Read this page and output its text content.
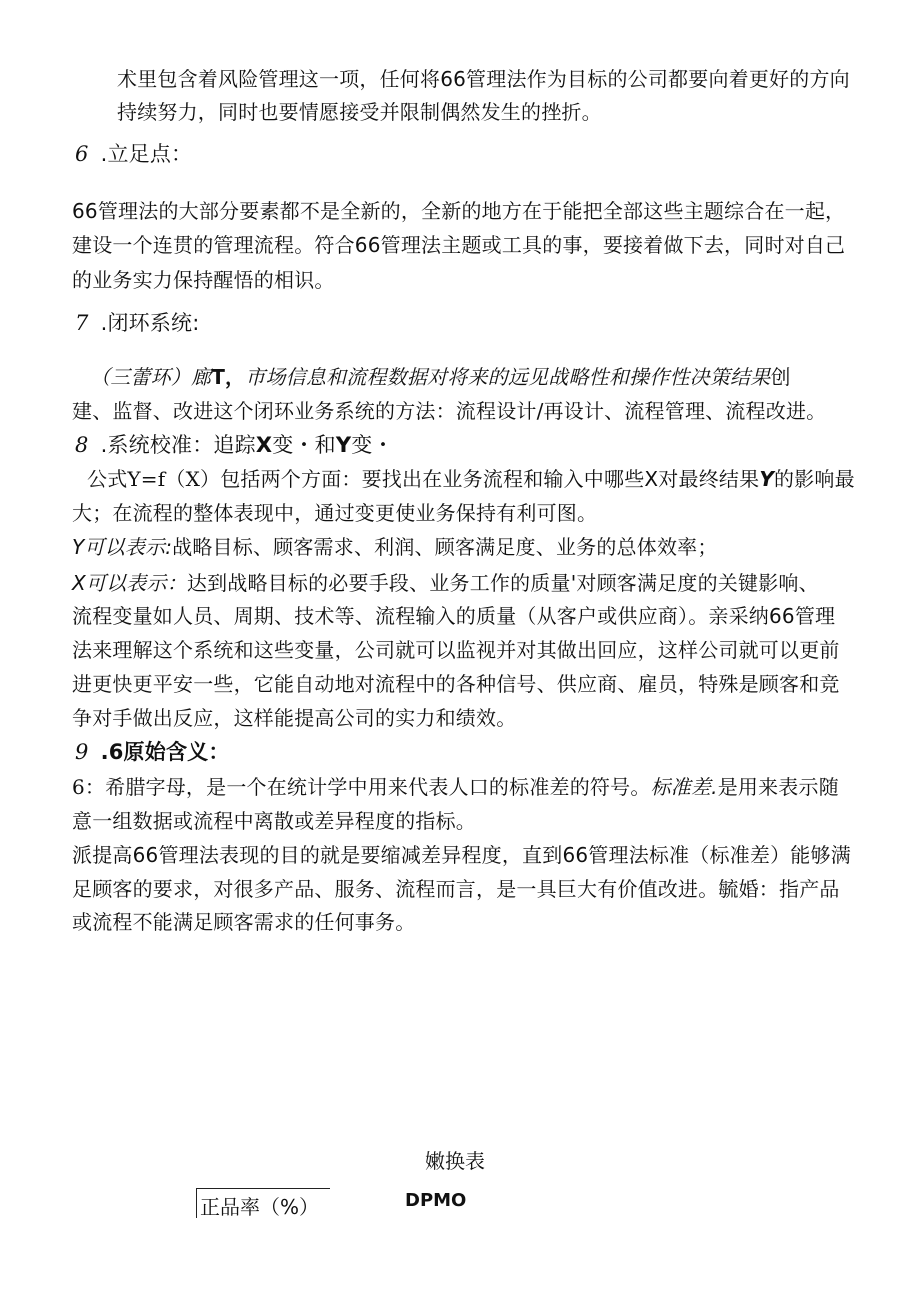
术里包含着风险管理这一项，任何将66管理法作为目标的公司都要向着更好的方向
持续努力，同时也要情愿接受并限制偶然发生的挫折。
6 .立足点：
66管理法的大部分要素都不是全新的，全新的地方在于能把全部这些主题综合在一起，
建设一个连贯的管理流程。符合66管理法主题或工具的事，要接着做下去，同时对自己
的业务实力保持醒悟的相识。
7 .闭环系统:
（三蕾环）廊T，市场信息和流程数据对将来的远见战略性和操作性决策结果创
建、监督、改进这个闭环业务系统的方法：流程设计/再设计、流程管理、流程改进。
8 .系统校准：追踪X变・和Y变・
公式Y=f（X）包括两个方面：要找出在业务流程和输入中哪些X对最终结果Y的影响最
大；在流程的整体表现中，通过变更使业务保持有利可图。
Y可以表示:战略目标、顾客需求、利润、顾客满足度、业务的总体效率；
X可以表示：达到战略目标的必要手段、业务工作的质量'对顾客满足度的关键影响、
流程变量如人员、周期、技术等、流程输入的质量（从客户或供应商）。亲采纳66管理
法来理解这个系统和这些变量，公司就可以监视并对其做出回应，这样公司就可以更前
进更快更平安一些，它能自动地对流程中的各种信号、供应商、雇员，特殊是顾客和竞
争对手做出反应，这样能提高公司的实力和绩效。
9 .6原始含义：
6：希腊字母，是一个在统计学中用来代表人口的标准差的符号。标准差.是用来表示随
意一组数据或流程中离散或差异程度的指标。
派提高66管理法表现的目的就是要缩减差异程度，直到66管理法标准（标准差）能够满
足顾客的要求，对很多产品、服务、流程而言，是一具巨大有价值改进。毓婚：指产品
或流程不能满足顾客需求的任何事务。
嫩换表
正品率（%）	DPMO
